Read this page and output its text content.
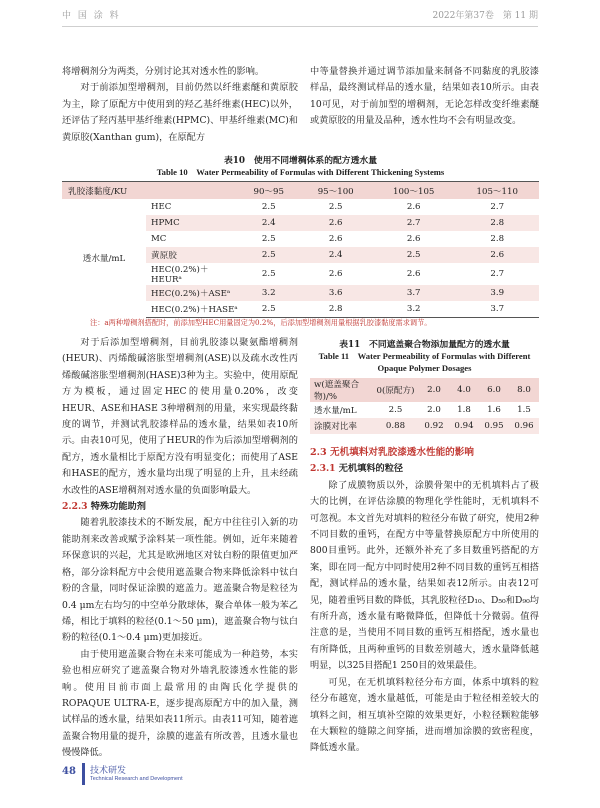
中 国 涂 料	2022年第37卷　第 11 期

将增稠剂分为两类，分别讨论其对透水性的影响。

对于前添加型增稠剂，目前仍然以纤维素醚和黄原胶为主，除了原配方中使用到的羟乙基纤维素(HEC)以外，还评估了羟丙基甲基纤维素(HPMC)、甲基纤维素(MC)和黄原胶(Xanthan gum)，在原配方

中等量替换并通过调节添加量来制备不同黏度的乳胶漆样品，最终测试样品的透水量，结果如表10所示。由表10可见，对于前加型的增稠剂，无论怎样改变纤维素醚或黄原胶的用量及品种，透水性均不会有明显改变。

表10　使用不同增稠体系的配方透水量
Table 10　Water Permeability of Formulas with Different Thickening Systems
乳胶漆黏度/KU		90～95	95～100	100～105	105～110
透水量/mL	HEC	2.5	2.5	2.6	2.7
	HPMC	2.4	2.6	2.7	2.8
	MC	2.5	2.6	2.6	2.8
	黄原胶	2.5	2.4	2.5	2.6
	HEC(0.2%)＋HEURᵃ	2.5	2.6	2.6	2.7
	HEC(0.2%)＋ASEᵃ	3.2	3.6	3.7	3.9
	HEC(0.2%)＋HASEᵃ	2.5	2.8	3.2	3.7
注：a两种增稠剂搭配时，前添加型HEC用量固定为0.2%，后添加型增稠剂用量根据乳胶漆黏度需求调节。

对于后添加型增稠剂，目前乳胶漆以聚氨酯增稠剂(HEUR)、丙烯酸碱溶胀型增稠剂(ASE)以及疏水改性丙烯酸碱溶胀型增稠剂(HASE)3种为主。实验中，使用原配方为模板，通过固定HEC的使用量0.20%，改变HEUR、ASE和HASE 3种增稠剂的用量，来实现最终黏度的调节，并测试乳胶漆样品的透水量，结果如表10所示。由表10可见，使用了HEUR的作为后添加型增稠剂的配方，透水量相比于原配方没有明显变化；而使用了ASE和HASE的配方，透水量均出现了明显的上升，且未经疏水改性的ASE增稠剂对透水量的负面影响最大。

2.2.3 特殊功能助剂

随着乳胶漆技术的不断发展，配方中往往引入新的功能助剂来改善或赋予涂料某一项性能。例如，近年来随着环保意识的兴起，尤其是欧洲地区对钛白粉的限值更加严格，部分涂料配方中会使用遮盖聚合物来降低涂料中钛白粉的含量，同时保证涂膜的遮盖力。遮盖聚合物是粒径为0.4 μm左右均匀的中空单分散球体，聚合单体一般为苯乙烯，相比于填料的粒径(0.1～50 μm)，遮盖聚合物与钛白粉的粒径(0.1～0.4 μm)更加接近。

由于使用遮盖聚合物在未来可能成为一种趋势，本实验也相应研究了遮盖聚合物对外墙乳胶漆透水性能的影响。使用目前市面上最常用的由陶氏化学提供的ROPAQUE ULTRA-E，逐步提高原配方中的加入量，测试样品的透水量，结果如表11所示。由表11可知，随着遮盖聚合物用量的提升，涂膜的遮盖有所改善，且透水量也慢慢降低。

表11　不同遮盖聚合物添加量配方的透水量
Table 11　Water Permeability of Formulas with Different Opaque Polymer Dosages
w(遮盖聚合物)/%	0(原配方)	2.0	4.0	6.0	8.0
透水量/mL	2.5	2.0	1.8	1.6	1.5
涂膜对比率	0.88	0.92	0.94	0.95	0.96
2.3 无机填料对乳胶漆透水性能的影响
2.3.1 无机填料的粒径

除了成膜物质以外，涂膜骨架中的无机填料占了极大的比例，在评估涂膜的物理化学性能时，无机填料不可忽视。本文首先对填料的粒径分布做了研究，使用2种不同目数的重钙，在配方中等量替换原配方中所使用的800目重钙。此外，还额外补充了多目数重钙搭配的方案，即在同一配方中同时使用2种不同目数的重钙互相搭配，测试样品的透水量，结果如表12所示。由表12可见，随着重钙目数的降低，其乳胶粒径D₁₀、D₅₀和D₉₀均有所升高，透水量有略微降低，但降低十分微弱。值得注意的是，当使用不同目数的重钙互相搭配，透水量也有所降低，且两种重钙的目数差别越大，透水量降低越明显，以325目搭配1 250目的效果最佳。

可见，在无机填料粒径分布方面，体系中填料的粒径分布越宽，透水量越低，可能是由于粒径相差较大的填料之间，相互填补空隙的效果更好，小粒径颗粒能够在大颗粒的缝隙之间穿插，进而增加涂膜的致密程度，降低透水量。

48 技术研发
Technical Research and Development
